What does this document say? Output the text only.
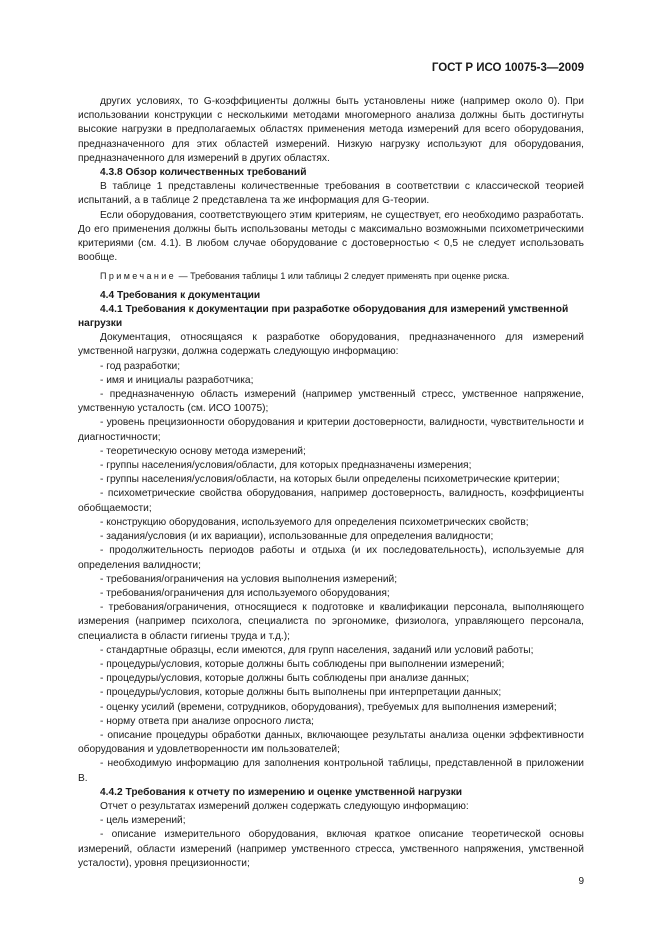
ГОСТ Р ИСО 10075-3—2009

других условиях, то G-коэффициенты должны быть установлены ниже (например около 0). При использовании конструкции с несколькими методами многомерного анализа должны быть достигнуты высокие нагрузки в предполагаемых областях применения метода измерений для всего оборудования, предназначенного для этих областей измерений. Низкую нагрузку используют для оборудования, предназначенного для измерений в других областях.

4.3.8 Обзор количественных требований

В таблице 1 представлены количественные требования в соответствии с классической теорией испытаний, а в таблице 2 представлена та же информация для G-теории.

Если оборудования, соответствующего этим критериям, не существует, его необходимо разработать. До его применения должны быть использованы методы с максимально возможными психометрическими критериями (см. 4.1). В любом случае оборудование с достоверностью < 0,5 не следует использовать вообще.

Примечание — Требования таблицы 1 или таблицы 2 следует применять при оценке риска.

4.4 Требования к документации

4.4.1 Требования к документации при разработке оборудования для измерений умственной нагрузки

Документация, относящаяся к разработке оборудования, предназначенного для измерений умственной нагрузки, должна содержать следующую информацию:

- год разработки;

- имя и инициалы разработчика;

- предназначенную область измерений (например умственный стресс, умственное напряжение, умственную усталость (см. ИСО 10075);

- уровень прецизионности оборудования и критерии достоверности, валидности, чувствительности и диагностичности;

- теоретическую основу метода измерений;

- группы населения/условия/области, для которых предназначены измерения;

- группы населения/условия/области, на которых были определены психометрические критерии;

- психометрические свойства оборудования, например достоверность, валидность, коэффициенты обобщаемости;

- конструкцию оборудования, используемого для определения психометрических свойств;

- задания/условия (и их вариации), использованные для определения валидности;

- продолжительность периодов работы и отдыха (и их последовательность), используемые для определения валидности;

- требования/ограничения на условия выполнения измерений;

- требования/ограничения для используемого оборудования;

- требования/ограничения, относящиеся к подготовке и квалификации персонала, выполняющего измерения (например психолога, специалиста по эргономике, физиолога, управляющего персонала, специалиста в области гигиены труда и т.д.);

- стандартные образцы, если имеются, для групп населения, заданий или условий работы;

- процедуры/условия, которые должны быть соблюдены при выполнении измерений;

- процедуры/условия, которые должны быть соблюдены при анализе данных;

- процедуры/условия, которые должны быть выполнены при интерпретации данных;

- оценку усилий (времени, сотрудников, оборудования), требуемых для выполнения измерений;

- норму ответа при анализе опросного листа;

- описание процедуры обработки данных, включающее результаты анализа оценки эффективности оборудования и удовлетворенности им пользователей;

- необходимую информацию для заполнения контрольной таблицы, представленной в приложении В.

4.4.2 Требования к отчету по измерению и оценке умственной нагрузки

Отчет о результатах измерений должен содержать следующую информацию:

- цель измерений;

- описание измерительного оборудования, включая краткое описание теоретической основы измерений, области измерений (например умственного стресса, умственного напряжения, умственной усталости), уровня прецизионности;

9
